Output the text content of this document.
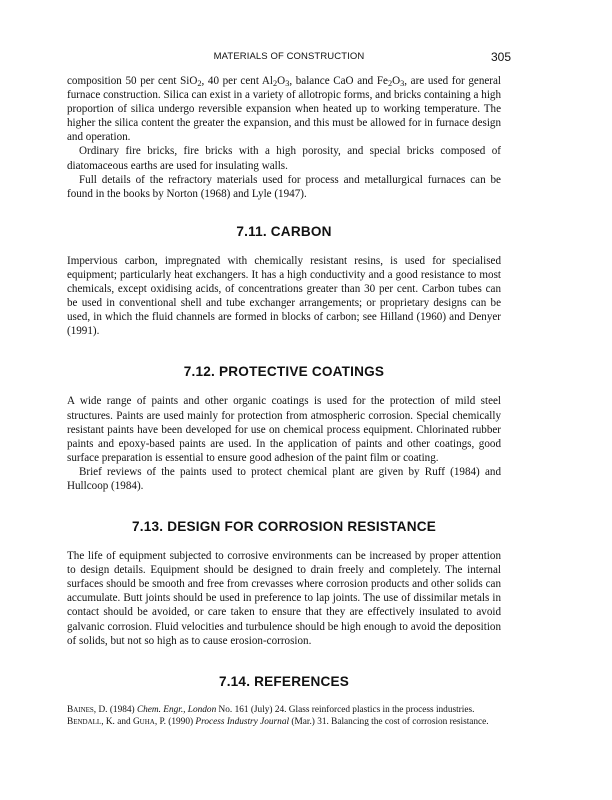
MATERIALS OF CONSTRUCTION	305

composition 50 per cent SiO$_2$, 40 per cent $Al_2O_3$, balance CaO and $Fe_2O_3$, are used for general furnace construction. Silica can exist in a variety of allotropic forms, and bricks containing a high proportion of silica undergo reversible expansion when heated up to working temperature. The higher the silica content the greater the expansion, and this must be allowed for in furnace design and operation.

Ordinary fire bricks, fire bricks with a high porosity, and special bricks composed of diatomaceous earths are used for insulating walls.

Full details of the refractory materials used for process and metallurgical furnaces can be found in the books by Norton (1968) and Lyle (1947).

7.11. CARBON

Impervious carbon, impregnated with chemically resistant resins, is used for specialised equipment; particularly heat exchangers. It has a high conductivity and a good resistance to most chemicals, except oxidising acids, of concentrations greater than 30 per cent. Carbon tubes can be used in conventional shell and tube exchanger arrangements; or proprietary designs can be used, in which the fluid channels are formed in blocks of carbon; see Hilland (1960) and Denyer (1991).

7.12. PROTECTIVE COATINGS

A wide range of paints and other organic coatings is used for the protection of mild steel structures. Paints are used mainly for protection from atmospheric corrosion. Special chemically resistant paints have been developed for use on chemical process equipment. Chlorinated rubber paints and epoxy-based paints are used. In the application of paints and other coatings, good surface preparation is essential to ensure good adhesion of the paint film or coating.

Brief reviews of the paints used to protect chemical plant are given by Ruff (1984) and Hullcoop (1984).

7.13. DESIGN FOR CORROSION RESISTANCE

The life of equipment subjected to corrosive environments can be increased by proper attention to design details. Equipment should be designed to drain freely and completely. The internal surfaces should be smooth and free from crevasses where corrosion products and other solids can accumulate. Butt joints should be used in preference to lap joints. The use of dissimilar metals in contact should be avoided, or care taken to ensure that they are effectively insulated to avoid galvanic corrosion. Fluid velocities and turbulence should be high enough to avoid the deposition of solids, but not so high as to cause erosion-corrosion.

7.14. REFERENCES

Baines, D. (1984) Chem. Engr., London No. 161 (July) 24. Glass reinforced plastics in the process industries.

Bendall, K. and Guha, P. (1990) Process Industry Journal (Mar.) 31. Balancing the cost of corrosion resistance.
